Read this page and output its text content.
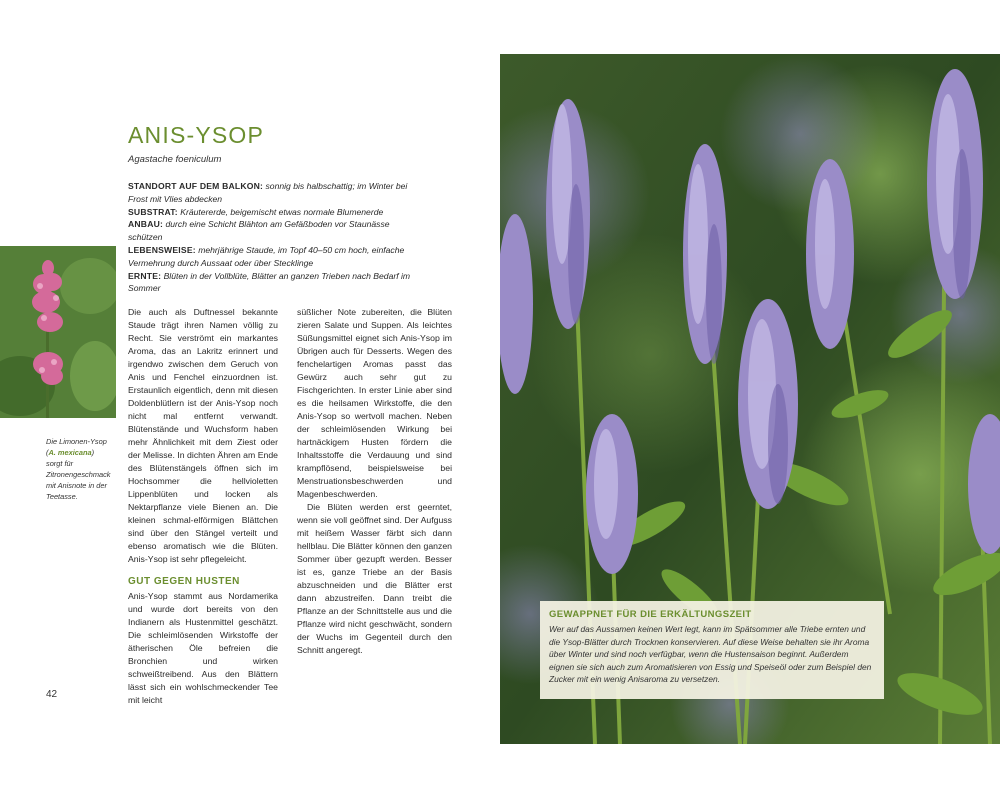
ANIS-YSOP
Agastache foeniculum
STANDORT AUF DEM BALKON: sonnig bis halbschattig; im Winter bei Frost mit Vlies abdecken
SUBSTRAT: Kräutererde, beigemischt etwas normale Blumenerde
ANBAU: durch eine Schicht Blähton am Gefäßboden vor Staunässe schützen
LEBENSWEISE: mehrjährige Staude, im Topf 40–50 cm hoch, einfache Vermehrung durch Aussaat oder über Stecklinge
ERNTE: Blüten in der Vollblüte, Blätter an ganzen Trieben nach Bedarf im Sommer
Die Limonen-Ysop (A. mexicana) sorgt für Zitronengeschmack mit Anisnote in der Teetasse.

Die auch als Duftnessel bekannte Staude trägt ihren Namen völlig zu Recht. Sie verströmt ein markantes Aroma, das an Lakritz erinnert und irgendwo zwischen dem Geruch von Anis und Fenchel einzuordnen ist. Erstaunlich eigentlich, denn mit diesen Doldenblütlern ist der Anis-Ysop noch nicht mal entfernt verwandt. Blütenstände und Wuchsform haben mehr Ähnlichkeit mit dem Ziest oder der Melisse. In dichten Ähren am Ende des Blütenstängels öffnen sich im Hochsommer die hellvioletten Lippenblüten und locken als Nektarpflanze viele Bienen an. Die kleinen schmal-elförmigen Blättchen sind über den Stängel verteilt und ebenso aromatisch wie die Blüten. Anis-Ysop ist sehr pflegeleicht.

GUT GEGEN HUSTEN

Anis-Ysop stammt aus Nordamerika und wurde dort bereits von den Indianern als Hustenmittel geschätzt. Die schleimlösenden Wirkstoffe der ätherischen Öle befreien die Bronchien und wirken schweißtreibend. Aus den Blättern lässt sich ein wohlschmeckender Tee mit leicht

süßlicher Note zubereiten, die Blüten zieren Salate und Suppen. Als leichtes Süßungsmittel eignet sich Anis-Ysop im Übrigen auch für Desserts. Wegen des fenchelartigen Aromas passt das Gewürz auch sehr gut zu Fischgerichten. In erster Linie aber sind es die heilsamen Wirkstoffe, die den Anis-Ysop so wertvoll machen. Neben der schleimlösenden Wirkung bei hartnäckigem Husten fördern die Inhaltsstoffe die Verdauung und sind krampflösend, beispielsweise bei Menstruationsbeschwerden und Magenbeschwerden.

Die Blüten werden erst geerntet, wenn sie voll geöffnet sind. Der Aufguss mit heißem Wasser färbt sich dann hellblau. Die Blätter können den ganzen Sommer über gezupft werden. Besser ist es, ganze Triebe an der Basis abzuschneiden und die Blätter erst dann abzustreifen. Dann treibt die Pflanze an der Schnittstelle aus und die Pflanze wird nicht geschwächt, sondern der Wuchs im Gegenteil durch den Schnitt angeregt.

42
GEWAPPNET FÜR DIE ERKÄLTUNGSZEIT

Wer auf das Aussamen keinen Wert legt, kann im Spätsommer alle Triebe ernten und die Ysop-Blätter durch Trocknen konservieren. Auf diese Weise behalten sie ihr Aroma über Winter und sind noch verfügbar, wenn die Hustensaison beginnt. Außerdem eignen sie sich auch zum Aromatisieren von Essig und Speiseöl oder zum Beispiel den Zucker mit ein wenig Anisaroma zu versetzen.
